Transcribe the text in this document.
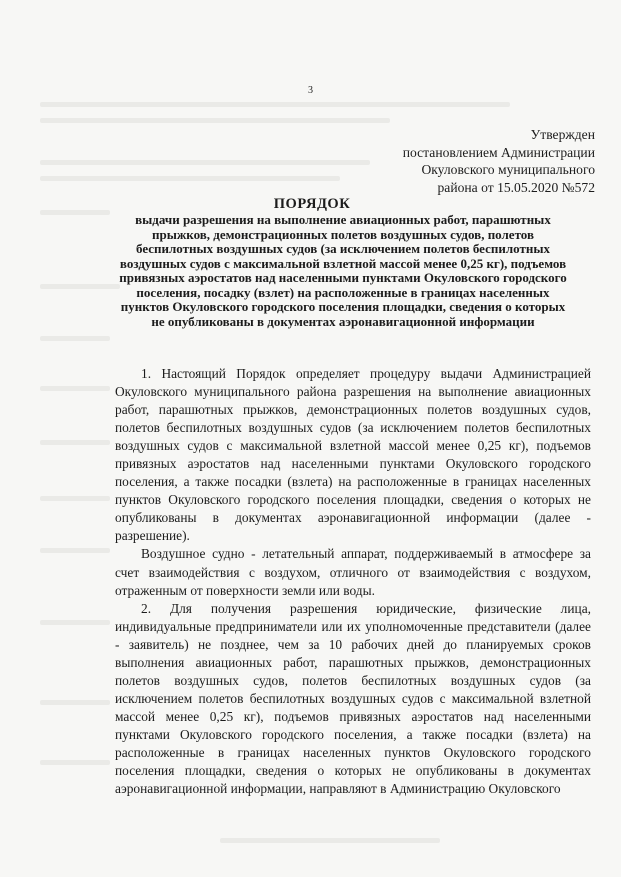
3
Утвержден
постановлением Администрации
Окуловского муниципального
района от 15.05.2020 №572
ПОРЯДОК
выдачи разрешения на выполнение авиационных работ, парашютных прыжков, демонстрационных полетов воздушных судов, полетов беспилотных воздушных судов (за исключением полетов беспилотных воздушных судов с максимальной взлетной массой менее 0,25 кг), подъемов привязных аэростатов над населенными пунктами Окуловского городского поселения, посадку (взлет) на расположенные в границах населенных пунктов Окуловского городского поселения площадки, сведения о которых не опубликованы в документах аэронавигационной информации

1. Настоящий Порядок определяет процедуру выдачи Администрацией Окуловского муниципального района разрешения на выполнение авиационных работ, парашютных прыжков, демонстрационных полетов воздушных судов, полетов беспилотных воздушных судов (за исключением полетов беспилотных воздушных судов с максимальной взлетной массой менее 0,25 кг), подъемов привязных аэростатов над населенными пунктами Окуловского городского поселения, а также посадки (взлета) на расположенные в границах населенных пунктов Окуловского городского поселения площадки, сведения о которых не опубликованы в документах аэронавигационной информации (далее - разрешение).

Воздушное судно - летательный аппарат, поддерживаемый в атмосфере за счет взаимодействия с воздухом, отличного от взаимодействия с воздухом, отраженным от поверхности земли или воды.

2. Для получения разрешения юридические, физические лица, индивидуальные предприниматели или их уполномоченные представители (далее - заявитель) не позднее, чем за 10 рабочих дней до планируемых сроков выполнения авиационных работ, парашютных прыжков, демонстрационных полетов воздушных судов, полетов беспилотных воздушных судов (за исключением полетов беспилотных воздушных судов с максимальной взлетной массой менее 0,25 кг), подъемов привязных аэростатов над населенными пунктами Окуловского городского поселения, а также посадки (взлета) на расположенные в границах населенных пунктов Окуловского городского поселения площадки, сведения о которых не опубликованы в документах аэронавигационной информации, направляют в Администрацию Окуловского
